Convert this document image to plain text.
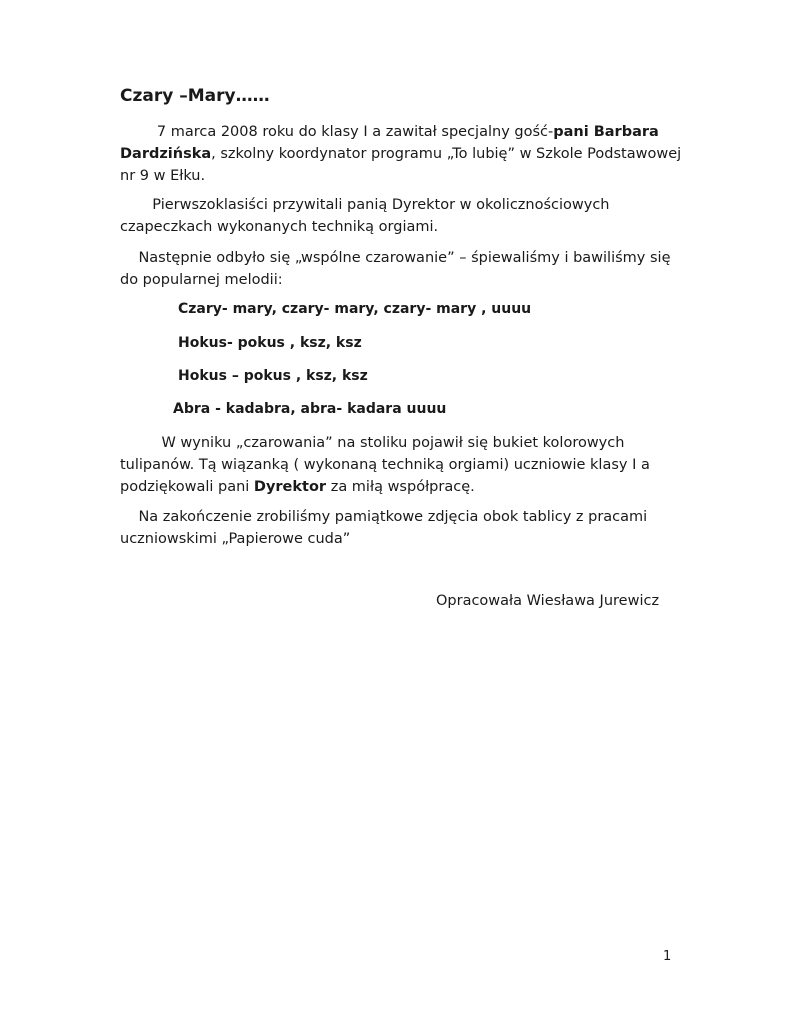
Czary –Mary……

7 marca 2008 roku do klasy I a zawitał specjalny gość-pani Barbara
Dardzińska, szkolny koordynator programu „To lubię” w Szkole Podstawowej
nr 9 w Ełku.

Pierwszoklasiści przywitali panią Dyrektor w okolicznościowych
czapeczkach wykonanych techniką orgiami.

Następnie odbyło się „wspólne czarowanie” – śpiewaliśmy i bawiliśmy się
do popularnej melodii:

Czary- mary, czary- mary, czary- mary , uuuu

Hokus- pokus , ksz, ksz

Hokus – pokus , ksz, ksz

Abra - kadabra, abra- kadara uuuu

W wyniku „czarowania” na stoliku pojawił się bukiet kolorowych
tulipanów. Tą wiązanką ( wykonaną techniką orgiami) uczniowie klasy I a
podziękowali pani Dyrektor za miłą współpracę.

Na zakończenie zrobiliśmy pamiątkowe zdjęcia obok tablicy z pracami
uczniowskimi „Papierowe cuda”

Opracowała Wiesława Jurewicz

1
